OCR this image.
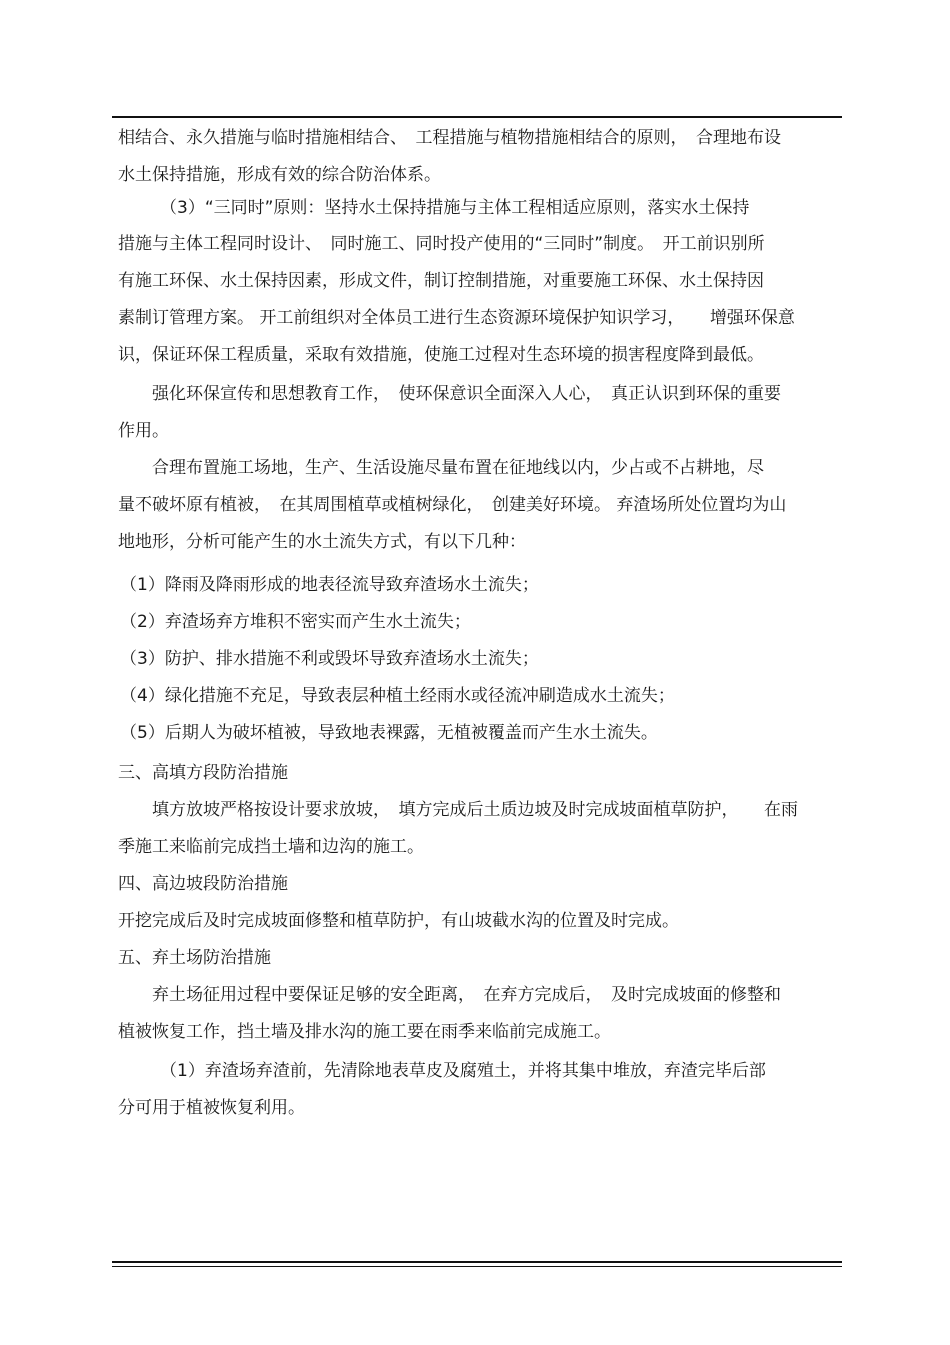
相结合、永久措施与临时措施相结合、　工程措施与植物措施相结合的原则，　合理地布设
水土保持措施，形成有效的综合防治体系。
（3）“三同时”原则：坚持水土保持措施与主体工程相适应原则，落实水土保持
措施与主体工程同时设计、　同时施工、同时投产使用的“三同时”制度。　开工前识别所
有施工环保、水土保持因素，形成文件，制订控制措施，对重要施工环保、水土保持因
素制订管理方案。 开工前组织对全体员工进行生态资源环境保护知识学习，　　增强环保意
识，保证环保工程质量，采取有效措施，使施工过程对生态环境的损害程度降到最低。
强化环保宣传和思想教育工作，　使环保意识全面深入人心，　真正认识到环保的重要
作用。
合理布置施工场地，生产、生活设施尽量布置在征地线以内，少占或不占耕地，尽
量不破坏原有植被，　在其周围植草或植树绿化，　创建美好环境。 弃渣场所处位置均为山
地地形，分析可能产生的水土流失方式，有以下几种：
（1）降雨及降雨形成的地表径流导致弃渣场水土流失；
（2）弃渣场弃方堆积不密实而产生水土流失；
（3）防护、排水措施不利或毁坏导致弃渣场水土流失；
（4）绿化措施不充足，导致表层种植土经雨水或径流冲刷造成水土流失；
（5）后期人为破坏植被，导致地表裸露，无植被覆盖而产生水土流失。
三、高填方段防治措施
填方放坡严格按设计要求放坡，　填方完成后土质边坡及时完成坡面植草防护，　　在雨
季施工来临前完成挡土墙和边沟的施工。
四、高边坡段防治措施
开挖完成后及时完成坡面修整和植草防护，有山坡截水沟的位置及时完成。
五、弃土场防治措施
弃土场征用过程中要保证足够的安全距离，　在弃方完成后，　及时完成坡面的修整和
植被恢复工作，挡土墙及排水沟的施工要在雨季来临前完成施工。
（1）弃渣场弃渣前，先清除地表草皮及腐殖土，并将其集中堆放，弃渣完毕后部
分可用于植被恢复利用。
